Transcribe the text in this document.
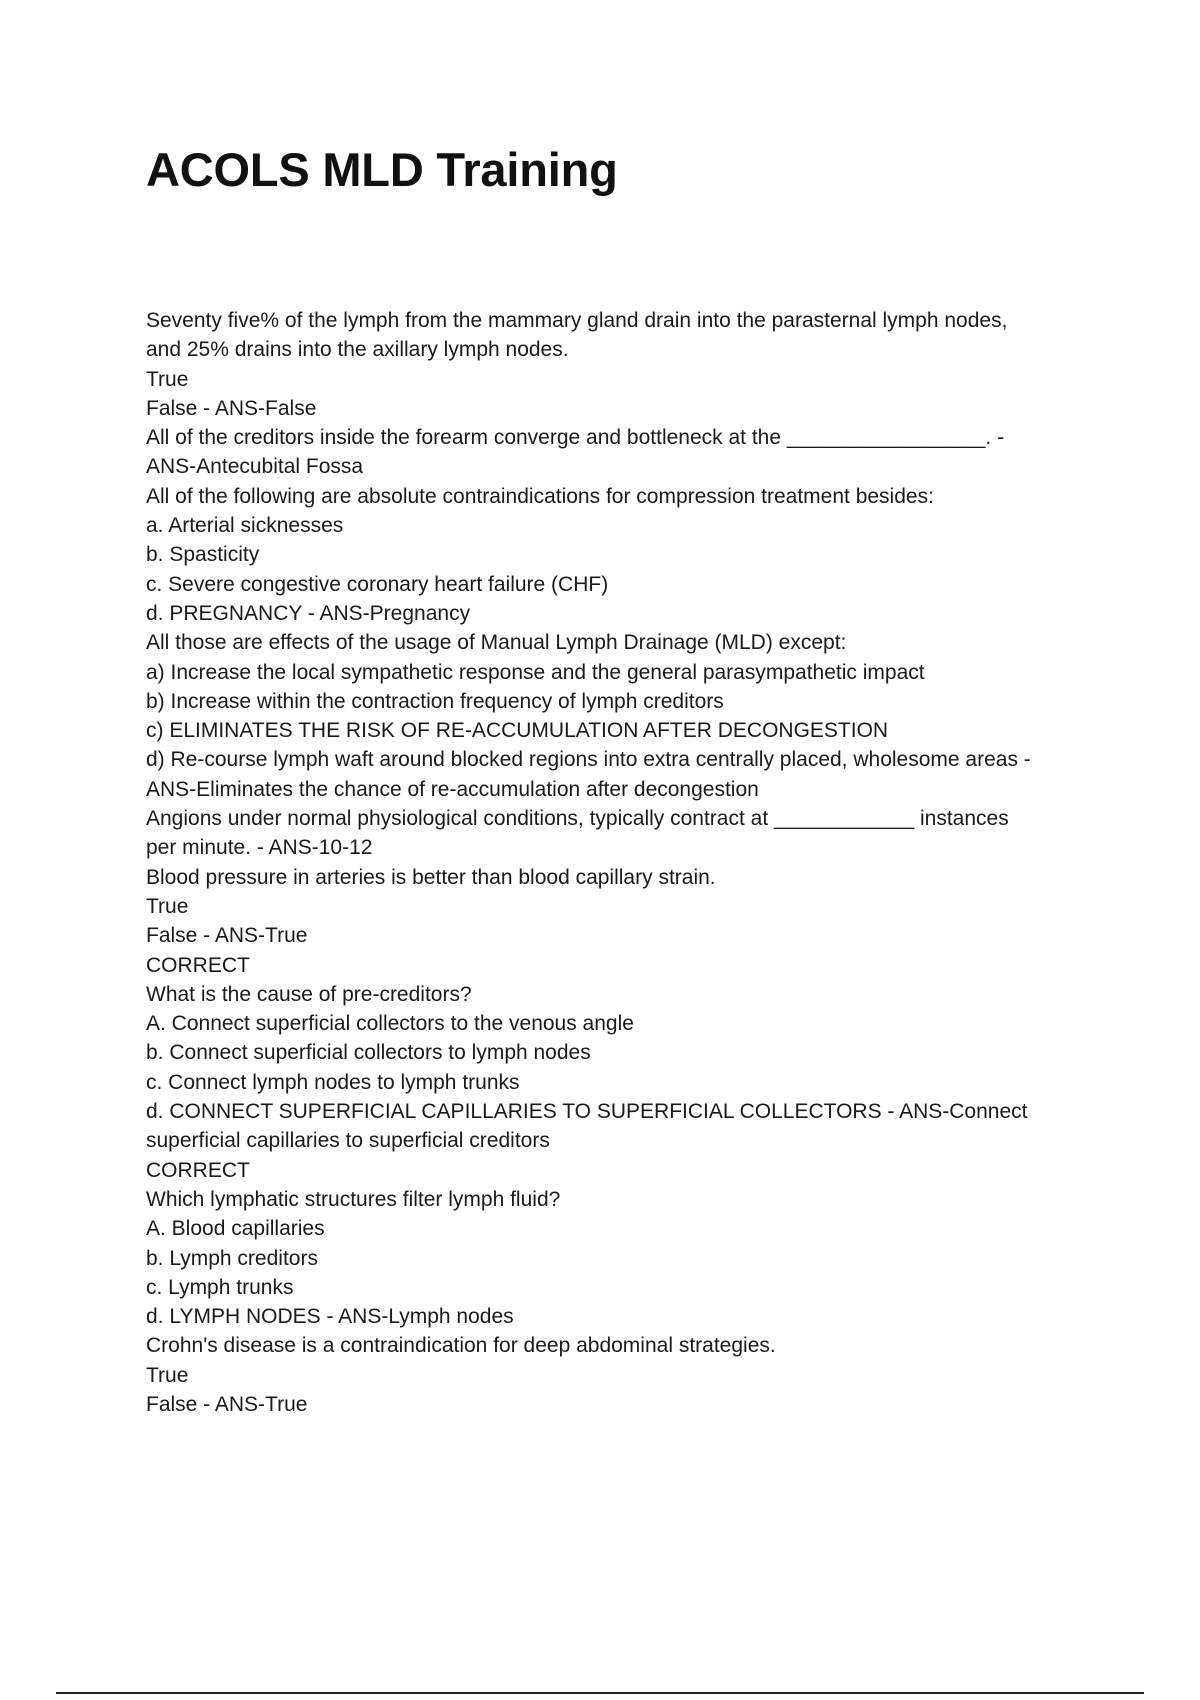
ACOLS MLD Training
Seventy five% of the lymph from the mammary gland drain into the parasternal lymph nodes,
and 25% drains into the axillary lymph nodes.
True
False - ANS-False
All of the creditors inside the forearm converge and bottleneck at the _________________. -
ANS-Antecubital Fossa
All of the following are absolute contraindications for compression treatment besides:
a. Arterial sicknesses
b. Spasticity
c. Severe congestive coronary heart failure (CHF)
d. PREGNANCY - ANS-Pregnancy
All those are effects of the usage of Manual Lymph Drainage (MLD) except:
a) Increase the local sympathetic response and the general parasympathetic impact
b) Increase within the contraction frequency of lymph creditors
c) ELIMINATES THE RISK OF RE-ACCUMULATION AFTER DECONGESTION
d) Re-course lymph waft around blocked regions into extra centrally placed, wholesome areas -
ANS-Eliminates the chance of re-accumulation after decongestion
Angions under normal physiological conditions, typically contract at ____________ instances
per minute. - ANS-10-12
Blood pressure in arteries is better than blood capillary strain.
True
False - ANS-True
CORRECT
What is the cause of pre-creditors?
A. Connect superficial collectors to the venous angle
b. Connect superficial collectors to lymph nodes
c. Connect lymph nodes to lymph trunks
d. CONNECT SUPERFICIAL CAPILLARIES TO SUPERFICIAL COLLECTORS - ANS-Connect
superficial capillaries to superficial creditors
CORRECT
Which lymphatic structures filter lymph fluid?
A. Blood capillaries
b. Lymph creditors
c. Lymph trunks
d. LYMPH NODES - ANS-Lymph nodes
Crohn's disease is a contraindication for deep abdominal strategies.
True
False - ANS-True
